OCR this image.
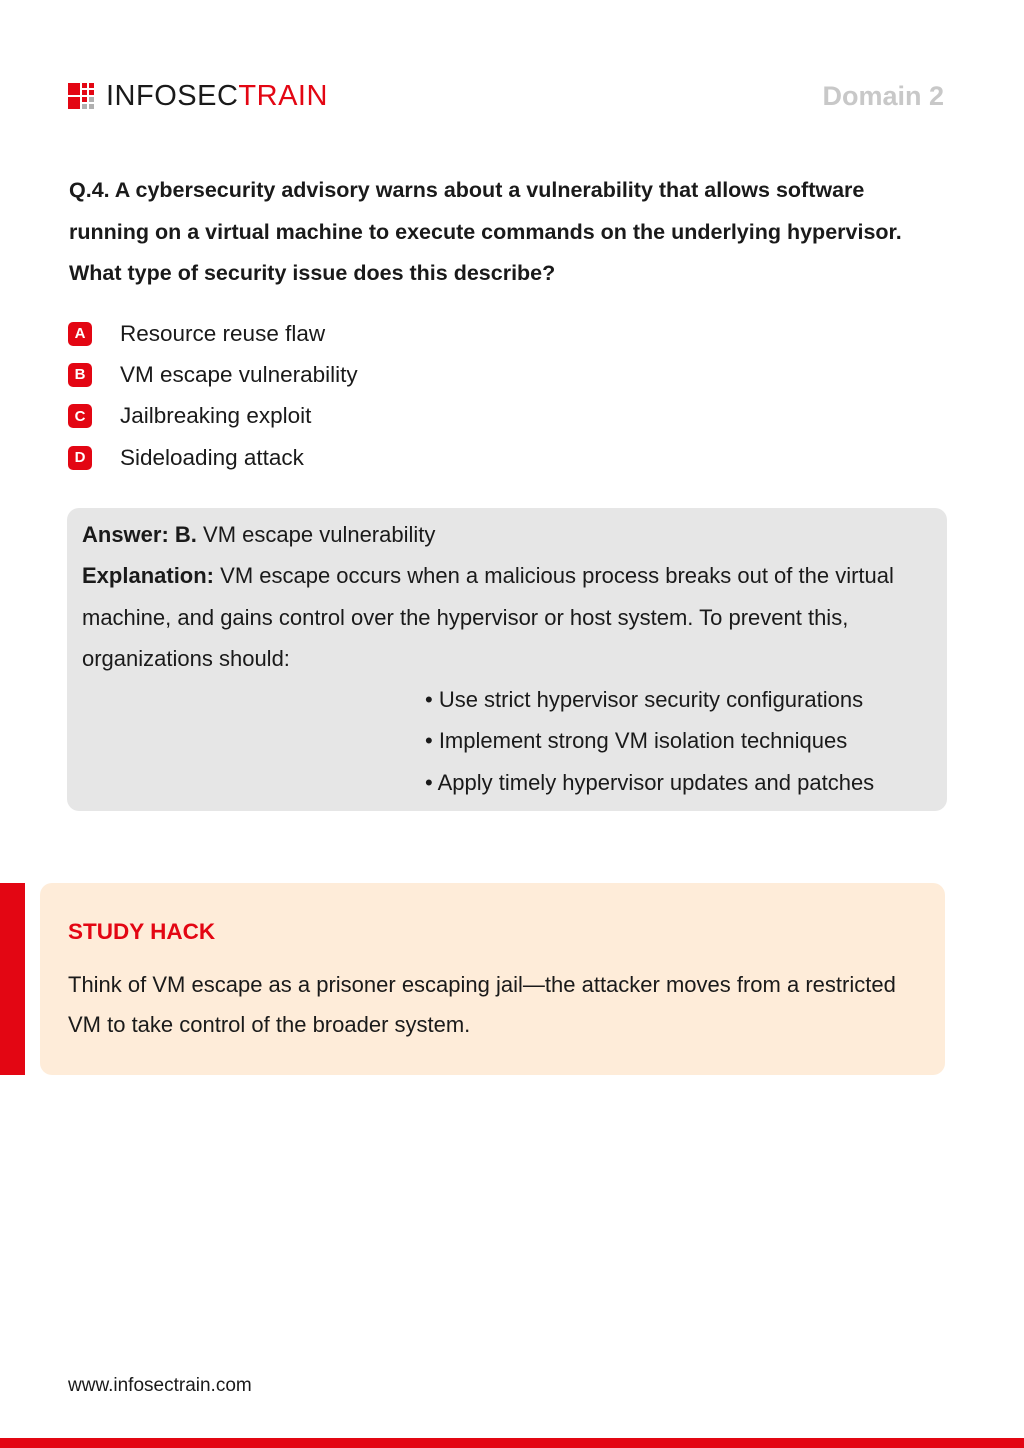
INFOSECTRAIN	Domain 2
Q.4. A cybersecurity advisory warns about a vulnerability that allows software running on a virtual machine to execute commands on the underlying hypervisor. What type of security issue does this describe?
A Resource reuse flaw
B VM escape vulnerability
C Jailbreaking exploit
D Sideloading attack
Answer: B. VM escape vulnerability
Explanation: VM escape occurs when a malicious process breaks out of the virtual machine, and gains control over the hypervisor or host system. To prevent this, organizations should:
• Use strict hypervisor security configurations
• Implement strong VM isolation techniques
• Apply timely hypervisor updates and patches
STUDY HACK
Think of VM escape as a prisoner escaping jail—the attacker moves from a restricted VM to take control of the broader system.
www.infosectrain.com
